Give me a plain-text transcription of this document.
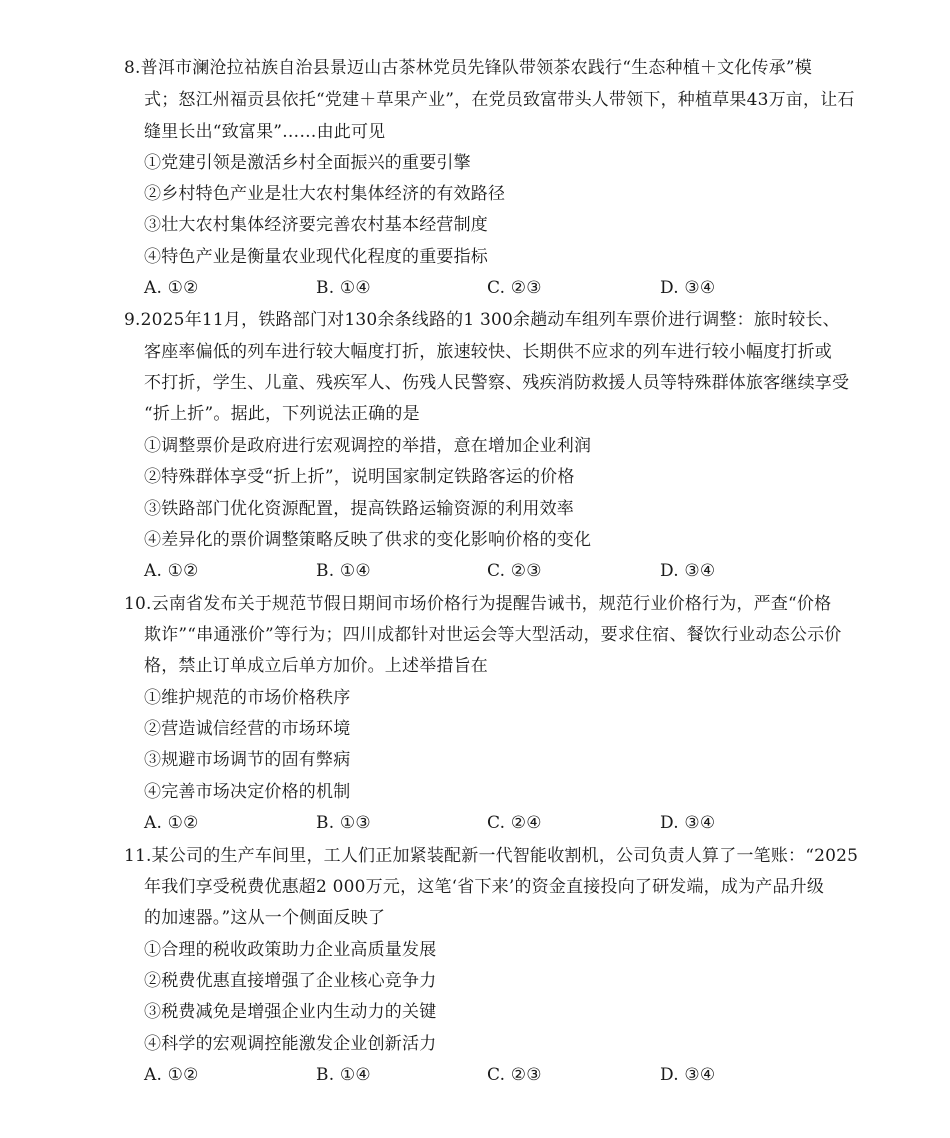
8.普洱市澜沧拉祜族自治县景迈山古茶林党员先锋队带领茶农践行“生态种植＋文化传承”模
式；怒江州福贡县依托“党建＋草果产业”，在党员致富带头人带领下，种植草果43万亩，让石
缝里长出“致富果”……由此可见
①党建引领是激活乡村全面振兴的重要引擎
②乡村特色产业是壮大农村集体经济的有效路径
③壮大农村集体经济要完善农村基本经营制度
④特色产业是衡量农业现代化程度的重要指标
A. ①②	B. ①④	C. ②③	D. ③④
9.2025年11月，铁路部门对130余条线路的1 300余趟动车组列车票价进行调整：旅时较长、
客座率偏低的列车进行较大幅度打折，旅速较快、长期供不应求的列车进行较小幅度打折或
不打折，学生、儿童、残疾军人、伤残人民警察、残疾消防救援人员等特殊群体旅客继续享受
“折上折”。据此，下列说法正确的是
①调整票价是政府进行宏观调控的举措，意在增加企业利润
②特殊群体享受“折上折”，说明国家制定铁路客运的价格
③铁路部门优化资源配置，提高铁路运输资源的利用效率
④差异化的票价调整策略反映了供求的变化影响价格的变化
A. ①②	B. ①④	C. ②③	D. ③④
10.云南省发布关于规范节假日期间市场价格行为提醒告诫书，规范行业价格行为，严查“价格
欺诈”“串通涨价”等行为；四川成都针对世运会等大型活动，要求住宿、餐饮行业动态公示价
格，禁止订单成立后单方加价。上述举措旨在
①维护规范的市场价格秩序
②营造诚信经营的市场环境
③规避市场调节的固有弊病
④完善市场决定价格的机制
A. ①②	B. ①③	C. ②④	D. ③④
11.某公司的生产车间里，工人们正加紧装配新一代智能收割机，公司负责人算了一笔账：“2025
年我们享受税费优惠超2 000万元，这笔‘省下来’的资金直接投向了研发端，成为产品升级
的加速器。”这从一个侧面反映了
①合理的税收政策助力企业高质量发展
②税费优惠直接增强了企业核心竞争力
③税费减免是增强企业内生动力的关键
④科学的宏观调控能激发企业创新活力
A. ①②	B. ①④	C. ②③	D. ③④
